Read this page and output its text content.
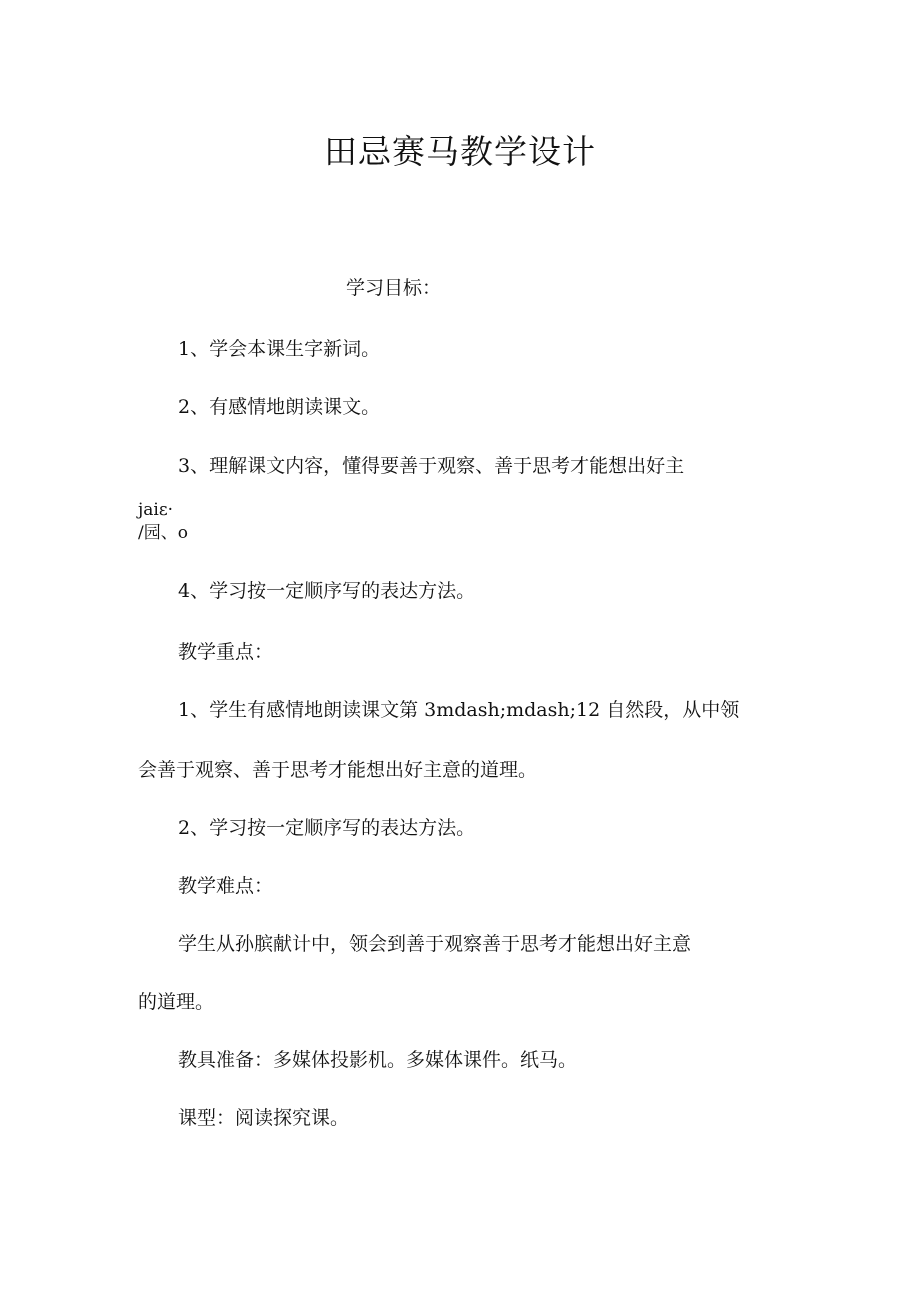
田忌赛马教学设计
学习目标：
1、学会本课生字新词。
2、有感情地朗读课文。
3、理解课文内容，懂得要善于观察、善于思考才能想出好主
jaiε·
/园、o
4、学习按一定顺序写的表达方法。
教学重点：
1、学生有感情地朗读课文第 3mdash;mdash;12 自然段，从中领
会善于观察、善于思考才能想出好主意的道理。
2、学习按一定顺序写的表达方法。
教学难点：
学生从孙膑献计中，领会到善于观察善于思考才能想出好主意
的道理。
教具准备：多媒体投影机。多媒体课件。纸马。
课型：阅读探究课。
